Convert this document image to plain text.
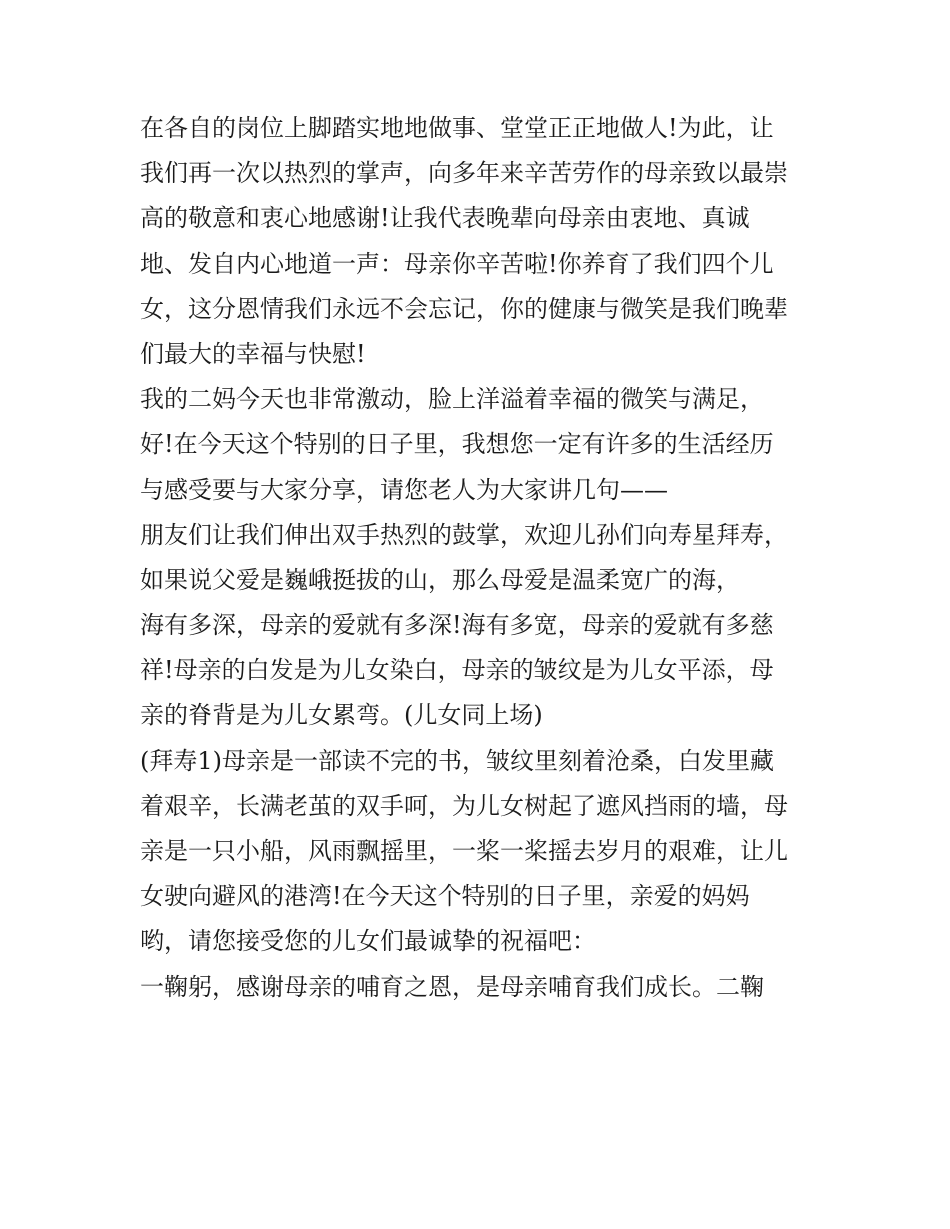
在各自的岗位上脚踏实地地做事、堂堂正正地做人!为此，让
我们再一次以热烈的掌声，向多年来辛苦劳作的母亲致以最崇
高的敬意和衷心地感谢!让我代表晚辈向母亲由衷地、真诚
地、发自内心地道一声：母亲你辛苦啦!你养育了我们四个儿
女，这分恩情我们永远不会忘记，你的健康与微笑是我们晚辈
们最大的幸福与快慰!
我的二妈今天也非常激动，脸上洋溢着幸福的微笑与满足，
好!在今天这个特别的日子里，我想您一定有许多的生活经历
与感受要与大家分享，请您老人为大家讲几句——
朋友们让我们伸出双手热烈的鼓掌，欢迎儿孙们向寿星拜寿，
如果说父爱是巍峨挺拔的山，那么母爱是温柔宽广的海，
海有多深，母亲的爱就有多深!海有多宽，母亲的爱就有多慈
祥!母亲的白发是为儿女染白，母亲的皱纹是为儿女平添，母
亲的脊背是为儿女累弯。(儿女同上场)
(拜寿1)母亲是一部读不完的书，皱纹里刻着沧桑，白发里藏
着艰辛，长满老茧的双手呵，为儿女树起了遮风挡雨的墙，母
亲是一只小船，风雨飘摇里，一桨一桨摇去岁月的艰难，让儿
女驶向避风的港湾!在今天这个特别的日子里，亲爱的妈妈
哟，请您接受您的儿女们最诚挚的祝福吧：
一鞠躬，感谢母亲的哺育之恩，是母亲哺育我们成长。二鞠
